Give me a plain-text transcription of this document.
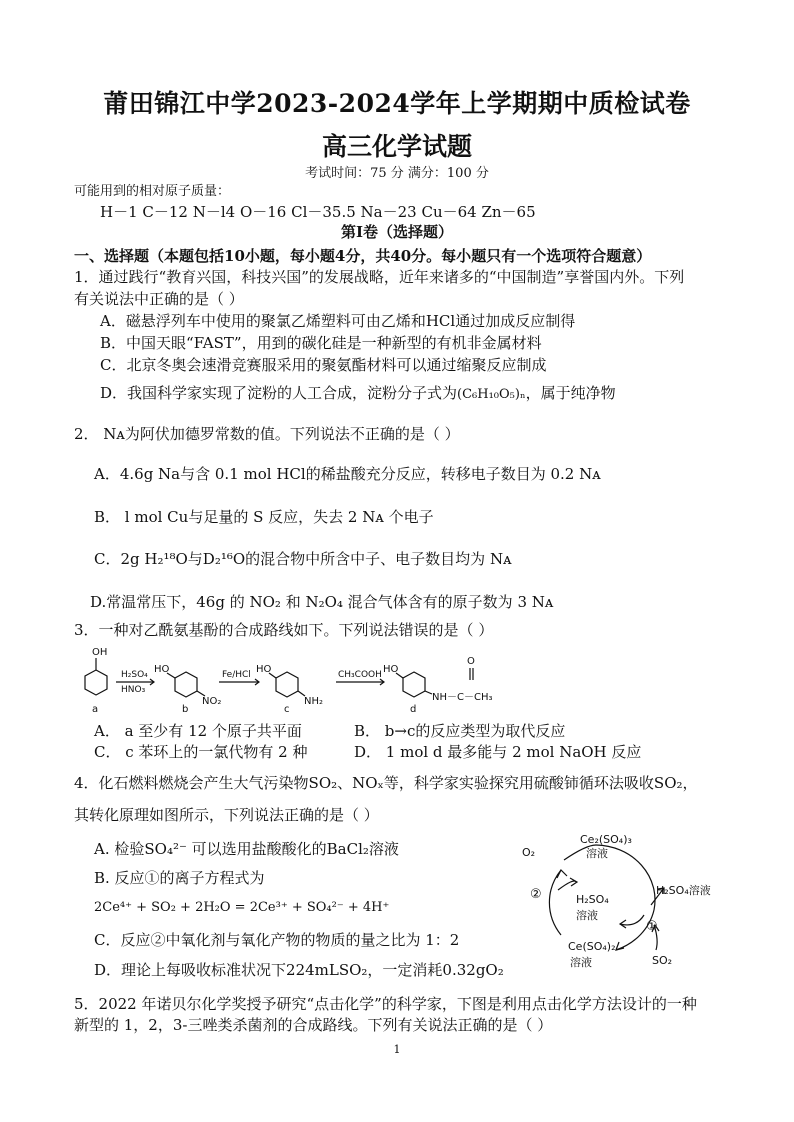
莆田锦江中学2023-2024学年上学期期中质检试卷
高三化学试题
考试时间：75 分 满分：100 分
可能用到的相对原子质量：
H－1 C－12 N－l4 O－16 Cl－35.5 Na－23 Cu－64 Zn－65
第Ⅰ卷（选择题）
一、选择题（本题包括10小题，每小题4分，共40分。每小题只有一个选项符合题意）
1．通过践行“教育兴国，科技兴国”的发展战略，近年来诸多的“中国制造”享誉国内外。下列
有关说法中正确的是（ ）
A．磁悬浮列车中使用的聚氯乙烯塑料可由乙烯和HCl通过加成反应制得
B．中国天眼“FAST”，用到的碳化硅是一种新型的有机非金属材料
C．北京冬奥会速滑竞赛服采用的聚氨酯材料可以通过缩聚反应制成
D．我国科学家实现了淀粉的人工合成，淀粉分子式为(C₆H₁₀O₅)ₙ，属于纯净物
2． Nᴀ为阿伏加德罗常数的值。下列说法不正确的是（ ）
A．4.6g Na与含 0.1 mol HCl的稀盐酸充分反应，转移电子数目为 0.2 Nᴀ
B． l mol Cu与足量的 S 反应，失去 2 Nᴀ 个电子
C．2g H₂¹⁸O与D₂¹⁶O的混合物中所含中子、电子数目均为 Nᴀ
D.常温常压下，46g 的 NO₂ 和 N₂O₄ 混合气体含有的原子数为 3 Nᴀ
3．一种对乙酰氨基酚的合成路线如下。下列说法错误的是（ ）
OH
H₂SO₄
HNO₃
HO
NO₂
Fe/HCl HO
NH₂
CH₃COOH HO
NH－C－CH₃
O
a	b	c	d
A． a 至少有 12 个原子共平面	B． b→c的反应类型为取代反应
C． c 苯环上的一氯代物有 2 种	D． 1 mol d 最多能与 2 mol NaOH 反应
4．化石燃料燃烧会产生大气污染物SO₂、NOₓ等，科学家实验探究用硫酸铈循环法吸收SO₂，
其转化原理如图所示，下列说法正确的是（ ）
A. 检验SO₄²⁻ 可以选用盐酸酸化的BaCl₂溶液
B. 反应①的离子方程式为
2Ce⁴⁺ + SO₂ + 2H₂O = 2Ce³⁺ + SO₄²⁻ + 4H⁺
C．反应②中氧化剂与氧化产物的物质的量之比为 1：2
D．理论上每吸收标准状况下224mLSO₂，一定消耗0.32gO₂
Ce₂(SO₄)₃
溶液
O₂
H₂SO₄
溶液
H₂SO₄溶液
②
①
Ce(SO₄)₂
溶液	SO₂
5．2022 年诺贝尔化学奖授予研究“点击化学”的科学家，下图是利用点击化学方法设计的一种
新型的 1，2，3-三唑类杀菌剂的合成路线。下列有关说法正确的是（ ）
1
